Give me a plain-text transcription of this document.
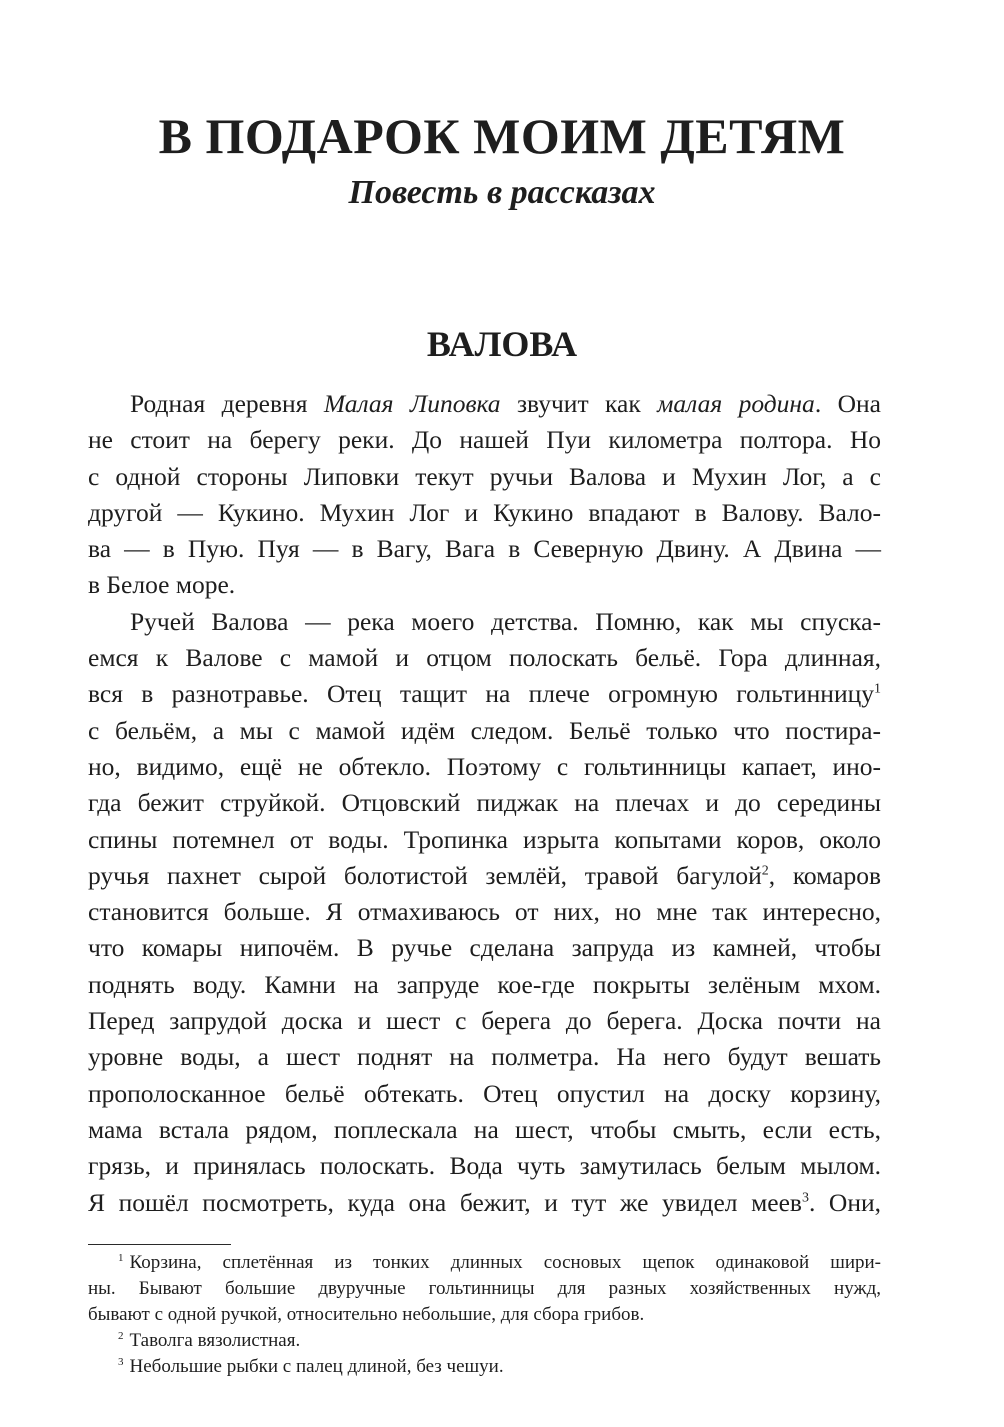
В ПОДАРОК МОИМ ДЕТЯМ
Повесть в рассказах
ВАЛОВА
Родная деревня Малая Липовка звучит как малая родина. Она
не стоит на берегу реки. До нашей Пуи километра полтора. Но
с одной стороны Липовки текут ручьи Валова и Мухин Лог, а с
другой — Кукино. Мухин Лог и Кукино впадают в Валову. Вало-
ва — в Пую. Пуя — в Вагу, Вага в Северную Двину. А Двина —
в Белое море.
Ручей Валова — река моего детства. Помню, как мы спуска-
емся к Валове с мамой и отцом полоскать бельё. Гора длинная,
вся в разнотравье. Отец тащит на плече огромную гольтинницу$^1$
с бельём, а мы с мамой идём следом. Бельё только что постира-
но, видимо, ещё не обтекло. Поэтому с гольтинницы капает, ино-
гда бежит струйкой. Отцовский пиджак на плечах и до середины
спины потемнел от воды. Тропинка изрыта копытами коров, около
ручья пахнет сырой болотистой землёй, травой багулой$^2$, комаров
становится больше. Я отмахиваюсь от них, но мне так интересно,
что комары нипочём. В ручье сделана запруда из камней, чтобы
поднять воду. Камни на запруде кое-где покрыты зелёным мхом.
Перед запрудой доска и шест с берега до берега. Доска почти на
уровне воды, а шест поднят на полметра. На него будут вешать
прополосканное бельё обтекать. Отец опустил на доску корзину,
мама встала рядом, поплескала на шест, чтобы смыть, если есть,
грязь, и принялась полоскать. Вода чуть замутилась белым мылом.
Я пошёл посмотреть, куда она бежит, и тут же увидел меев$^3$. Они,
$^1$ Корзина, сплетённая из тонких длинных сосновых щепок одинаковой шири-
ны. Бывают большие двуручные гольтинницы для разных хозяйственных нужд,
бывают с одной ручкой, относительно небольшие, для сбора грибов.
$^2$ Таволга вязолистная.
$^3$ Небольшие рыбки с палец длиной, без чешуи.
